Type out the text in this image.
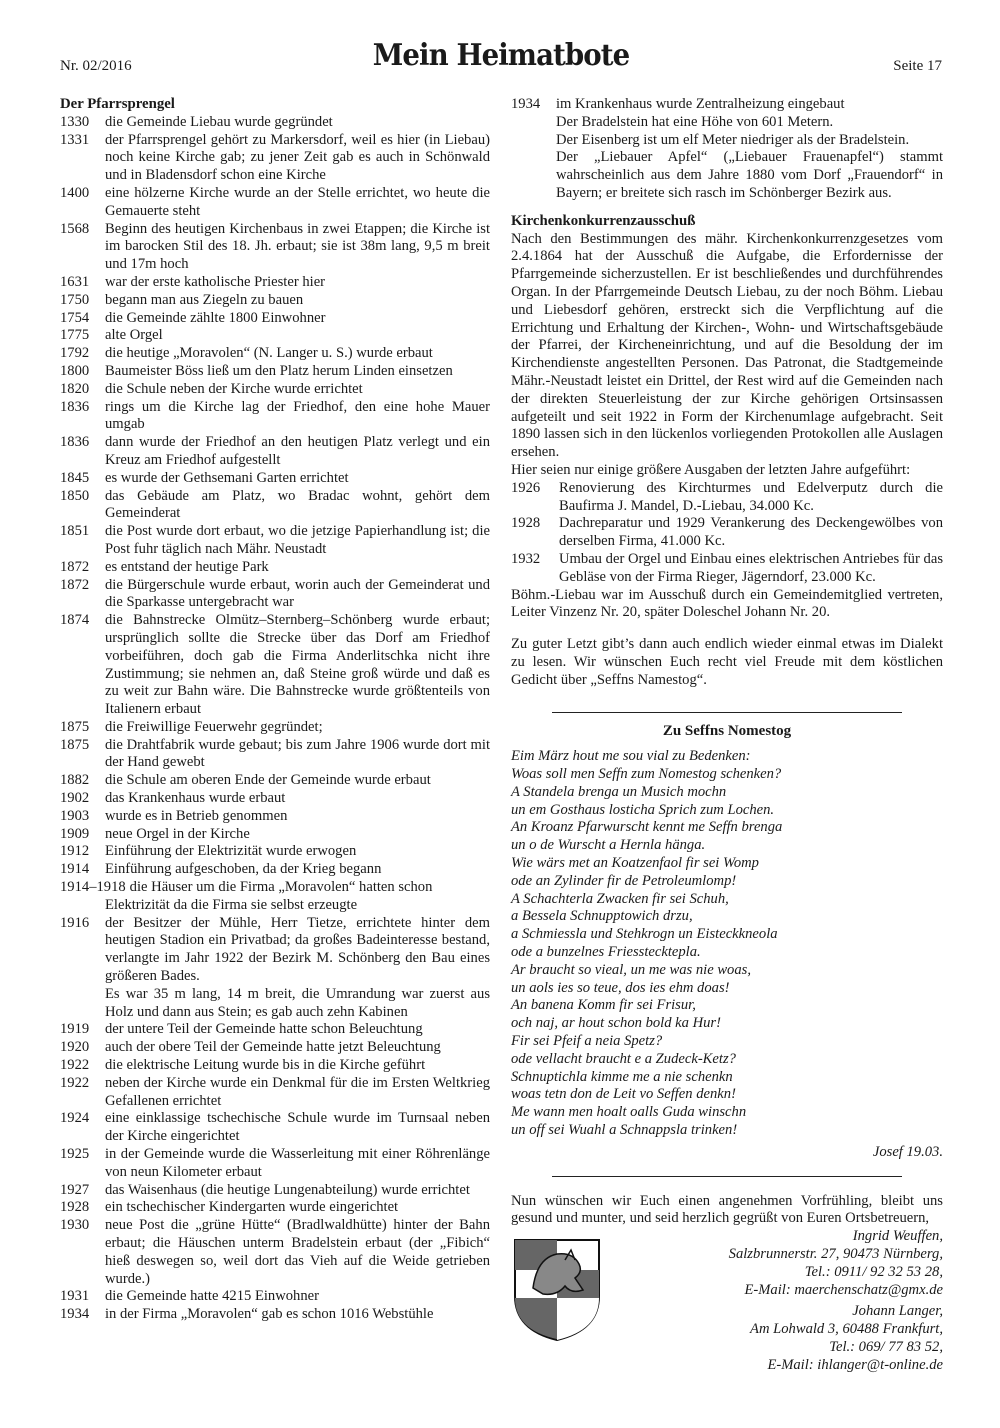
Nr. 02/2016	Mein Heimatbote	Seite 17
Der Pfarrsprengel
1330	die Gemeinde Liebau wurde gegründet
1331	der Pfarrsprengel gehört zu Markersdorf, weil es hier (in Liebau) noch keine Kirche gab; zu jener Zeit gab es auch in Schönwald und in Bladensdorf schon eine Kirche
1400	eine hölzerne Kirche wurde an der Stelle errichtet, wo heute die Gemauerte steht
1568	Beginn des heutigen Kirchenbaus in zwei Etappen; die Kirche ist im barocken Stil des 18. Jh. erbaut; sie ist 38m lang, 9,5 m breit und 17m hoch
1631	war der erste katholische Priester hier
1750	begann man aus Ziegeln zu bauen
1754	die Gemeinde zählte 1800 Einwohner
1775	alte Orgel
1792	die heutige „Moravolen“ (N. Langer u. S.) wurde erbaut
1800	Baumeister Böss ließ um den Platz herum Linden einsetzen
1820	die Schule neben der Kirche wurde errichtet
1836	rings um die Kirche lag der Friedhof, den eine hohe Mauer umgab
1836	dann wurde der Friedhof an den heutigen Platz verlegt und ein Kreuz am Friedhof aufgestellt
1845	es wurde der Gethsemani Garten errichtet
1850	das Gebäude am Platz, wo Bradac wohnt, gehört dem Gemeinderat
1851	die Post wurde dort erbaut, wo die jetzige Papierhandlung ist; die Post fuhr täglich nach Mähr. Neustadt
1872	es entstand der heutige Park
1872	die Bürgerschule wurde erbaut, worin auch der Gemeinderat und die Sparkasse untergebracht war
1874	die Bahnstrecke Olmütz–Sternberg–Schönberg wurde erbaut; ursprünglich sollte die Strecke über das Dorf am Friedhof vorbeiführen, doch gab die Firma Anderlitschka nicht ihre Zustimmung; sie nehmen an, daß Steine groß würde und daß es zu weit zur Bahn wäre. Die Bahnstrecke wurde größtenteils von Italienern erbaut
1875	die Freiwillige Feuerwehr gegründet;
1875	die Drahtfabrik wurde gebaut; bis zum Jahre 1906 wurde dort mit der Hand gewebt
1882	die Schule am oberen Ende der Gemeinde wurde erbaut
1902	das Krankenhaus wurde erbaut
1903	wurde es in Betrieb genommen
1909	neue Orgel in der Kirche
1912	Einführung der Elektrizität wurde erwogen
1914	Einführung aufgeschoben, da der Krieg begann
1914–1918 die Häuser um die Firma „Moravolen“ hatten schon
Elektrizität da die Firma sie selbst erzeugte
1916	der Besitzer der Mühle, Herr Tietze, errichtete hinter dem heutigen Stadion ein Privatbad; da großes Badeinteresse bestand, verlangte im Jahr 1922 der Bezirk M. Schönberg den Bau eines größeren Bades.
Es war 35 m lang, 14 m breit, die Umrandung war zuerst aus Holz und dann aus Stein; es gab auch zehn Kabinen
1919	der untere Teil der Gemeinde hatte schon Beleuchtung
1920	auch der obere Teil der Gemeinde hatte jetzt Beleuchtung
1922	die elektrische Leitung wurde bis in die Kirche geführt
1922	neben der Kirche wurde ein Denkmal für die im Ersten Weltkrieg Gefallenen errichtet
1924	eine einklassige tschechische Schule wurde im Turnsaal neben der Kirche eingerichtet
1925	in der Gemeinde wurde die Wasserleitung mit einer Röhrenlänge von neun Kilometer erbaut
1927	das Waisenhaus (die heutige Lungenabteilung) wurde errichtet
1928	ein tschechischer Kindergarten wurde eingerichtet
1930	neue Post die „grüne Hütte“ (Bradlwaldhütte) hinter der Bahn erbaut; die Häuschen unterm Bradelstein erbaut (der „Fibich“ hieß deswegen so, weil dort das Vieh auf die Weide getrieben wurde.)
1931	die Gemeinde hatte 4215 Einwohner
1934	in der Firma „Moravolen“ gab es schon 1016 Webstühle
1934	im Krankenhaus wurde Zentralheizung eingebaut
Der Bradelstein hat eine Höhe von 601 Metern.
Der Eisenberg ist um elf Meter niedriger als der Bradelstein.
Der „Liebauer Apfel“ („Liebauer Frauenapfel“) stammt wahrscheinlich aus dem Jahre 1880 vom Dorf „Frauendorf“ in Bayern; er breitete sich rasch im Schönberger Bezirk aus.
Kirchenkonkurrenzausschuß

Nach den Bestimmungen des mähr. Kirchenkonkurrenzgesetzes vom 2.4.1864 hat der Ausschuß die Aufgabe, die Erfordernisse der Pfarrgemeinde sicherzustellen. Er ist beschließendes und durchführendes Organ. In der Pfarrgemeinde Deutsch Liebau, zu der noch Böhm. Liebau und Liebesdorf gehören, erstreckt sich die Verpflichtung auf die Errichtung und Erhaltung der Kirchen-, Wohn- und Wirtschaftsgebäude der Pfarrei, der Kircheneinrichtung, und auf die Besoldung der im Kirchendienste angestellten Personen. Das Patronat, die Stadtgemeinde Mähr.-Neustadt leistet ein Drittel, der Rest wird auf die Gemeinden nach der direkten Steuerleistung der zur Kirche gehörigen Ortsinsassen aufgeteilt und seit 1922 in Form der Kirchenumlage aufgebracht. Seit 1890 lassen sich in den lückenlos vorliegenden Protokollen alle Auslagen ersehen.

Hier seien nur einige größere Ausgaben der letzten Jahre aufgeführt:

1926	Renovierung des Kirchturmes und Edelverputz durch die Baufirma J. Mandel, D.-Liebau, 34.000 Kc.
1928	Dachreparatur und 1929 Verankerung des Deckengewölbes von derselben Firma, 41.000 Kc.
1932	Umbau der Orgel und Einbau eines elektrischen Antriebes für das Gebläse von der Firma Rieger, Jägerndorf, 23.000 Kc.

Böhm.-Liebau war im Ausschuß durch ein Gemeindemitglied vertreten, Leiter Vinzenz Nr. 20, später Doleschel Johann Nr. 20.

Zu guter Letzt gibt’s dann auch endlich wieder einmal etwas im Dialekt zu lesen. Wir wünschen Euch recht viel Freude mit dem köstlichen Gedicht über „Seffns Namestog“.

Zu Seffns Nomestog
Eim März hout me sou vial zu Bedenken:
Woas soll men Seffn zum Nomestog schenken?
A Standela brenga un Musich mochn
un em Gosthaus losticha Sprich zum Lochen.
An Kroanz Pfarwurscht kennt me Seffn brenga
un o de Wurscht a Hernla hänga.
Wie wärs met an Koatzenfaol fir sei Womp
ode an Zylinder fir de Petroleumlomp!
A Schachterla Zwacken fir sei Schuh,
a Bessela Schnupptowich drzu,
a Schmiessla und Stehkrogn un Eisteckkneola
ode a bunzelnes Friesstecktepla.
Ar braucht so vieal, un me was nie woas,
un aols ies so teue, dos ies ehm doas!
An banena Komm fir sei Frisur,
och naj, ar hout schon bold ka Hur!
Fir sei Pfeif a neia Spetz?
ode vellacht braucht e a Zudeck-Ketz?
Schnuptichla kimme me a nie schenkn
woas tetn don de Leit vo Seffen denkn!
Me wann men hoalt oalls Guda winschn
un off sei Wuahl a Schnappsla trinken!
Josef 19.03.

Nun wünschen wir Euch einen angenehmen Vorfrühling, bleibt uns gesund und munter, und seid herzlich gegrüßt von Euren Ortsbetreuern,

Ingrid Weuffen,
Salzbrunnerstr. 27, 90473 Nürnberg,
Tel.: 0911/ 92 32 53 28,
E-Mail: maerchenschatz@gmx.de
Johann Langer,
Am Lohwald 3, 60488 Frankfurt,
Tel.: 069/ 77 83 52,
E-Mail: ihlanger@t-online.de
